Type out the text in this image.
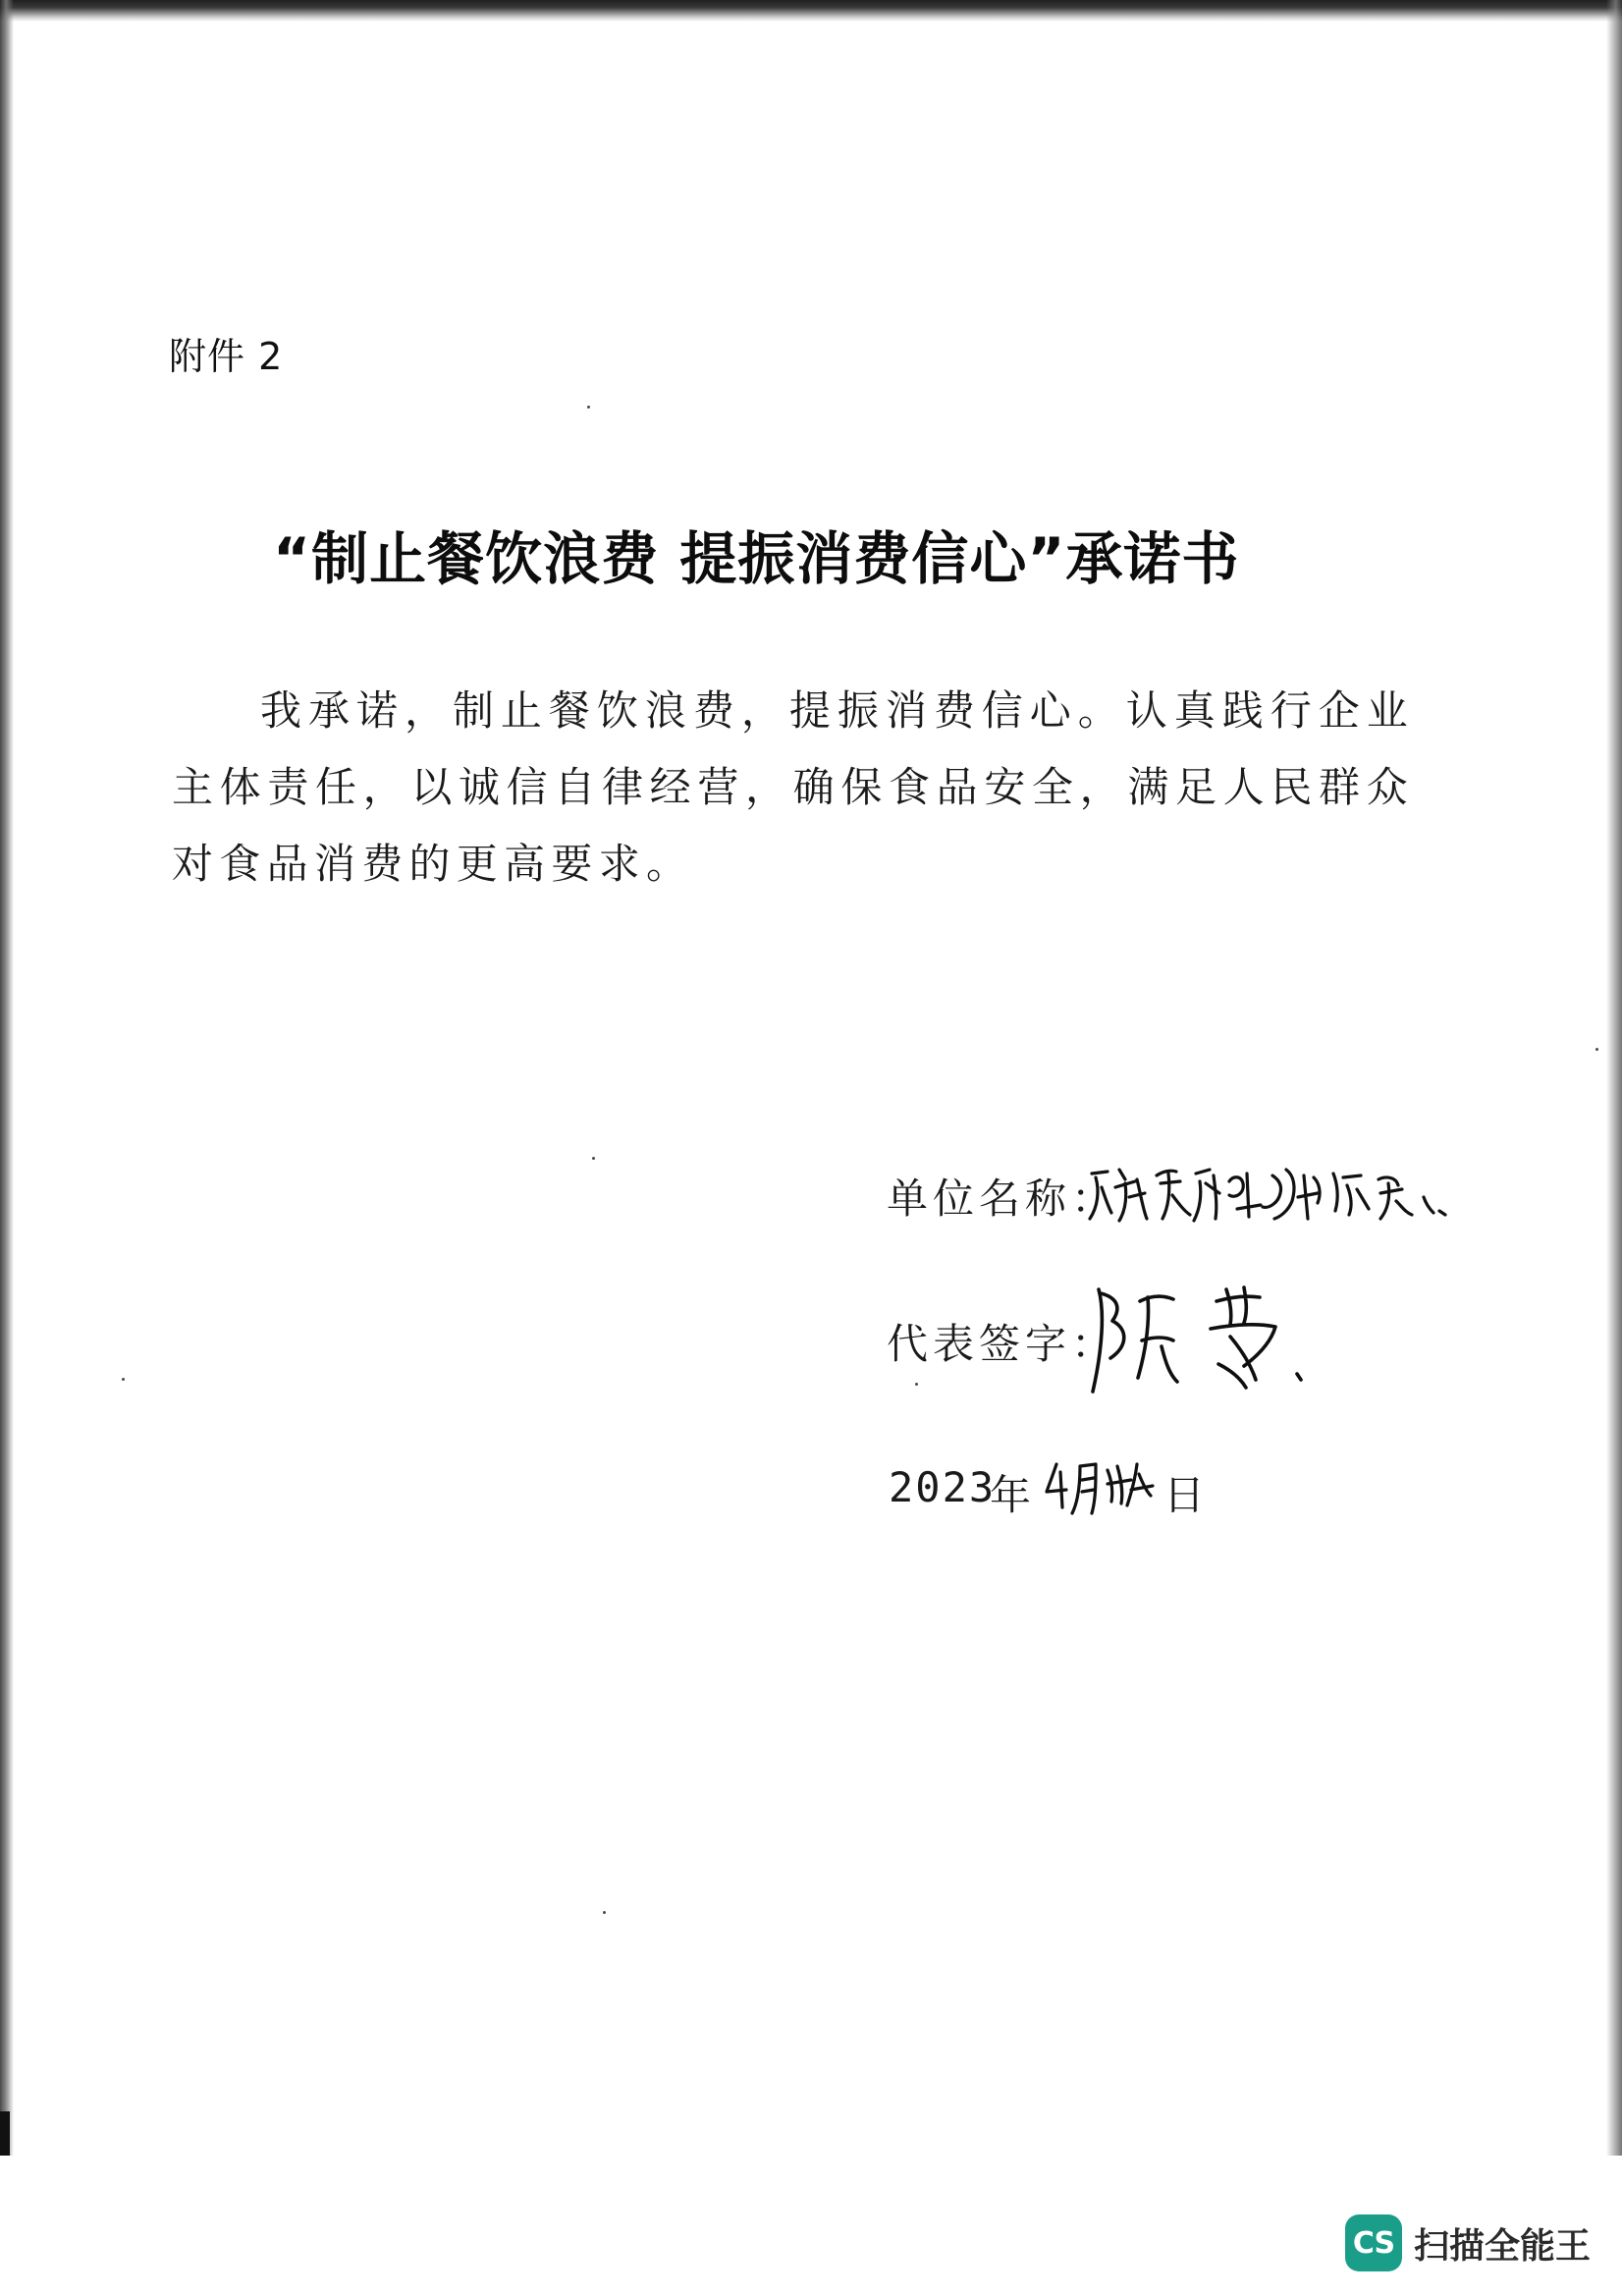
附件 2
“制止餐饮浪费 提振消费信心”承诺书

我承诺，制止餐饮浪费，提振消费信心。认真践行企业主体责任，以诚信自律经营，确保食品安全，满足人民群众对食品消费的更高要求。

单位名称：
代表签字：
2023
年	日
CS 扫描全能王
